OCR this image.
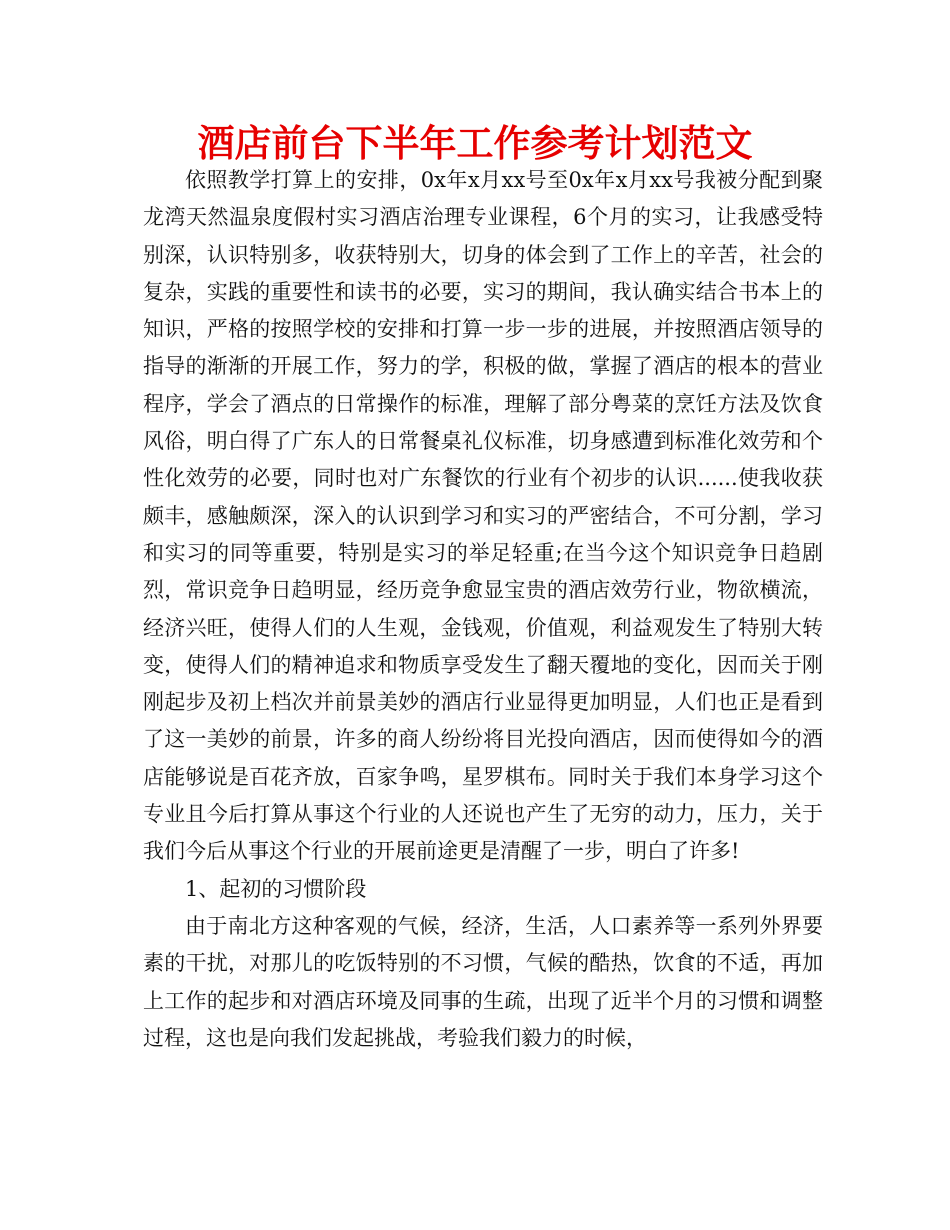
酒店前台下半年工作参考计划范文

依照教学打算上的安排，0x年x月xx号至0x年x月xx号我被分配到聚龙湾天然温泉度假村实习酒店治理专业课程，6个月的实习，让我感受特别深，认识特别多，收获特别大，切身的体会到了工作上的辛苦，社会的复杂，实践的重要性和读书的必要，实习的期间，我认确实结合书本上的知识，严格的按照学校的安排和打算一步一步的进展，并按照酒店领导的指导的渐渐的开展工作，努力的学，积极的做，掌握了酒店的根本的营业程序，学会了酒点的日常操作的标准，理解了部分粤菜的烹饪方法及饮食风俗，明白得了广东人的日常餐桌礼仪标准，切身感遭到标准化效劳和个性化效劳的必要，同时也对广东餐饮的行业有个初步的认识......使我收获颇丰，感触颇深，深入的认识到学习和实习的严密结合，不可分割，学习和实习的同等重要，特别是实习的举足轻重;在当今这个知识竞争日趋剧烈，常识竞争日趋明显，经历竞争愈显宝贵的酒店效劳行业，物欲横流，经济兴旺，使得人们的人生观，金钱观，价值观，利益观发生了特别大转变，使得人们的精神追求和物质享受发生了翻天覆地的变化，因而关于刚刚起步及初上档次并前景美妙的酒店行业显得更加明显，人们也正是看到了这一美妙的前景，许多的商人纷纷将目光投向酒店，因而使得如今的酒店能够说是百花齐放，百家争鸣，星罗棋布。同时关于我们本身学习这个专业且今后打算从事这个行业的人还说也产生了无穷的动力，压力，关于我们今后从事这个行业的开展前途更是清醒了一步，明白了许多!

1、起初的习惯阶段

由于南北方这种客观的气候，经济，生活，人口素养等一系列外界要素的干扰，对那儿的吃饭特别的不习惯，气候的酷热，饮食的不适，再加上工作的起步和对酒店环境及同事的生疏，出现了近半个月的习惯和调整过程，这也是向我们发起挑战，考验我们毅力的时候，
